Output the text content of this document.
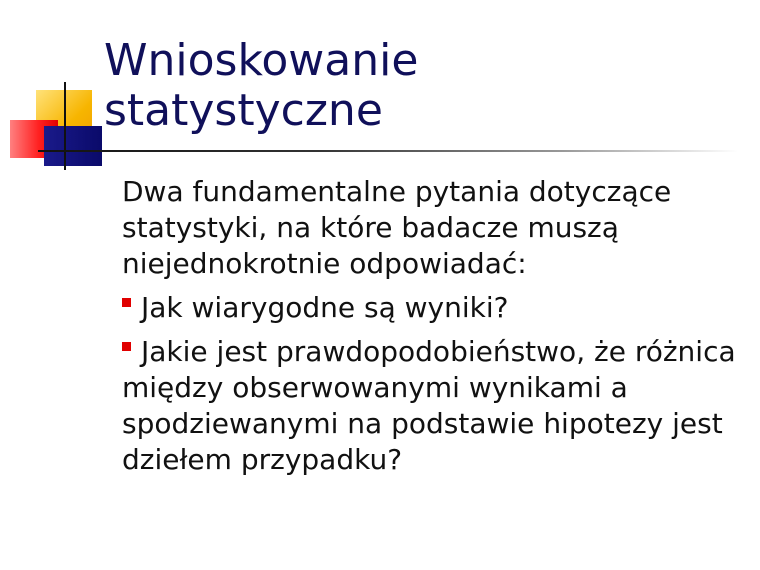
Wnioskowanie
statystyczne

Dwa fundamentalne pytania dotyczące statystyki, na które badacze muszą niejednokrotnie odpowiadać:

Jak wiarygodne są wyniki?

Jakie jest prawdopodobieństwo, że różnica między obserwowanymi wynikami a spodziewanymi na podstawie hipotezy jest dziełem przypadku?
